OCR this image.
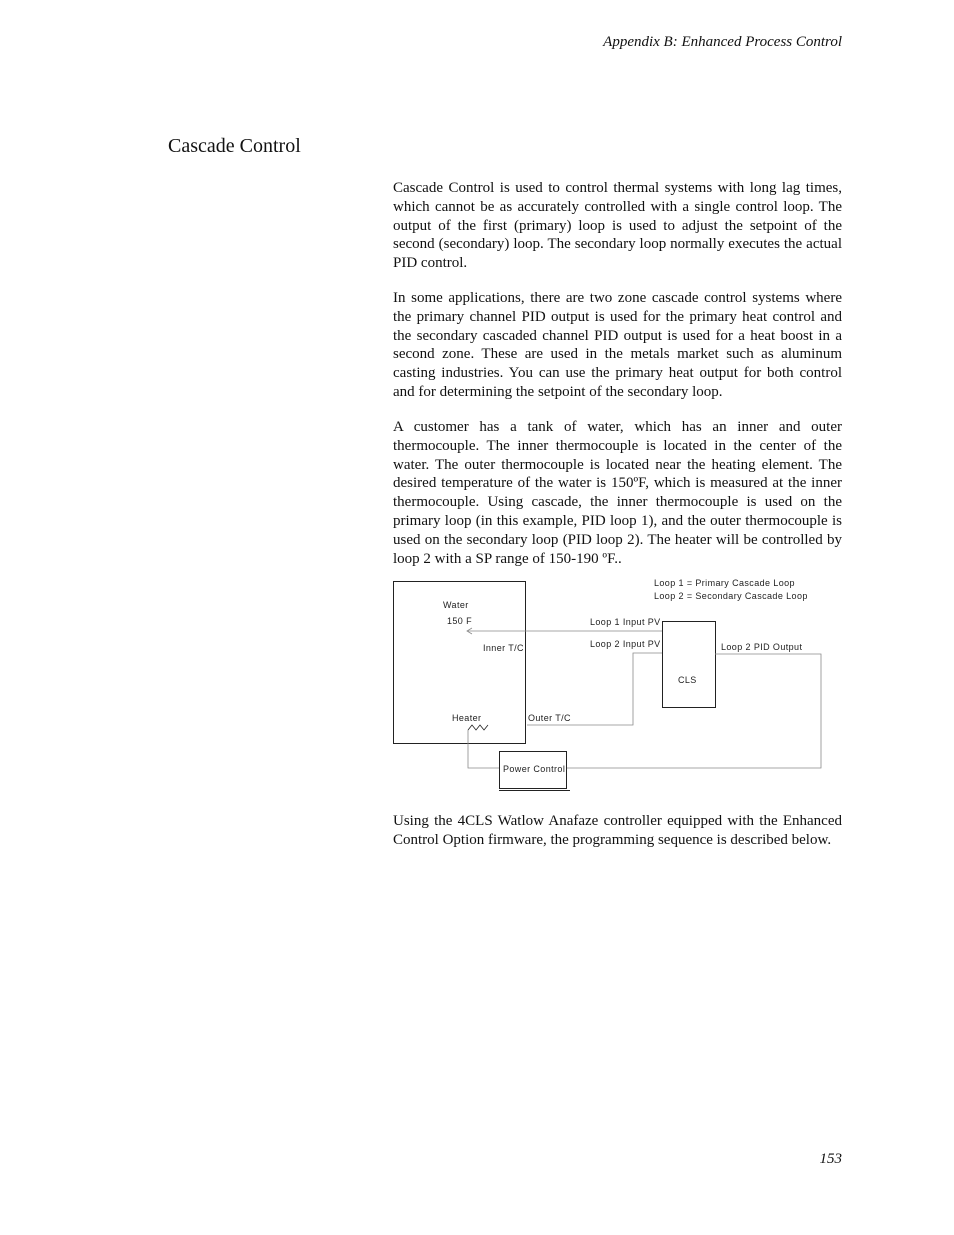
Appendix B: Enhanced Process Control
Cascade Control

Cascade Control is used to control thermal systems with long lag times, which cannot be as accurately controlled with a single control loop. The output of the first (primary) loop is used to adjust the setpoint of the second (secondary) loop. The secondary loop normally executes the actual PID control.

In some applications, there are two zone cascade control systems where the primary channel PID output is used for the primary heat control and the secondary cascaded channel PID output is used for a heat boost in a second zone. These are used in the metals market such as aluminum casting industries. You can use the primary heat output for both control and for determining the setpoint of the secondary loop.

A customer has a tank of water, which has an inner and outer thermocouple. The inner thermocouple is located in the center of the water. The outer thermocouple is located near the heating element. The desired temperature of the water is 150ºF, which is measured at the inner thermocouple. Using cascade, the inner thermocouple is used on the primary loop (in this example, PID loop 1), and the outer thermocouple is used on the secondary loop (PID loop 2). The heater will be controlled by loop 2 with a SP range of 150-190 ºF..

Loop 1 = Primary Cascade Loop
Loop 2 = Secondary Cascade Loop
Water
150 F
Inner T/C
Heater	Outer T/C
Loop 1 Input PV
Loop 2 Input PV
CLS
Loop 2 PID Output
Power Control

Using the 4CLS Watlow Anafaze controller equipped with the Enhanced Control Option firmware, the programming sequence is described below.

153
